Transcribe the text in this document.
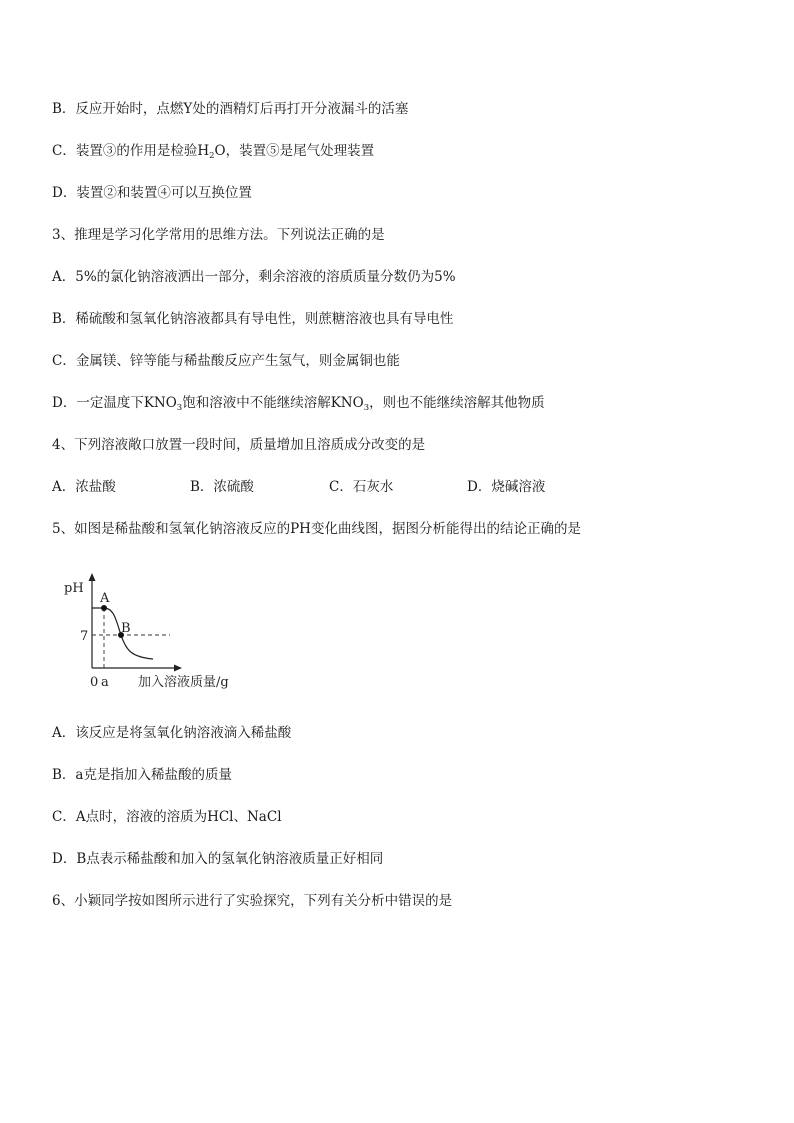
B．反应开始时，点燃Y处的酒精灯后再打开分液漏斗的活塞
C．装置③的作用是检验$H_2O$，装置⑤是尾气处理装置
D．装置②和装置④可以互换位置
3、推理是学习化学常用的思维方法。下列说法正确的是
A．5%的氯化钠溶液洒出一部分，剩余溶液的溶质质量分数仍为5%
B．稀硫酸和氢氧化钠溶液都具有导电性，则蔗糖溶液也具有导电性
C．金属镁、锌等能与稀盐酸反应产生氢气，则金属铜也能
D．一定温度下$KNO_3$饱和溶液中不能继续溶解$KNO_3$，则也不能继续溶解其他物质
4、下列溶液敞口放置一段时间，质量增加且溶质成分改变的是
A．浓盐酸	B．浓硫酸	C．石灰水	D．烧碱溶液
5、如图是稀盐酸和氢氧化钠溶液反应的PH变化曲线图，据图分析能得出的结论正确的是
pH
7
A
B
0 a 加入溶液质量/g
A．该反应是将氢氧化钠溶液滴入稀盐酸
B．a克是指加入稀盐酸的质量
C．A点时，溶液的溶质为HCl、NaCl
D．B点表示稀盐酸和加入的氢氧化钠溶液质量正好相同
6、小颖同学按如图所示进行了实验探究，下列有关分析中错误的是
